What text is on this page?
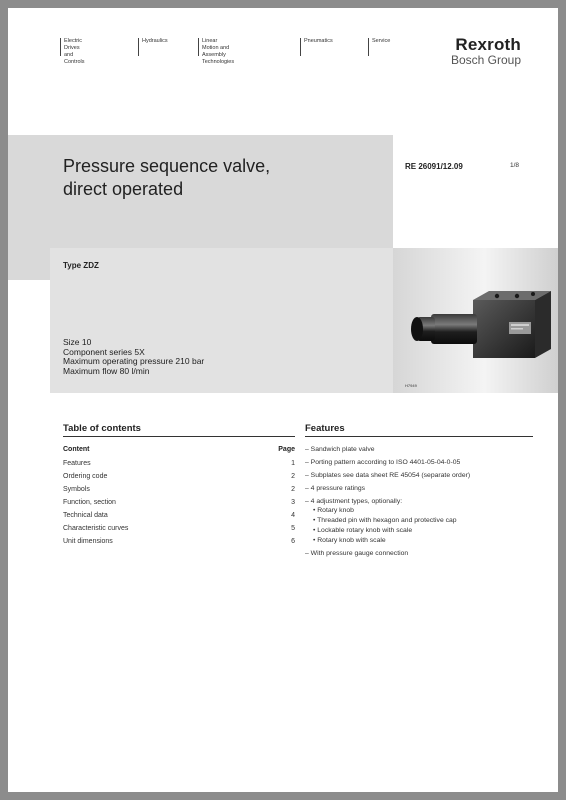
Electric Drives
and Controls
Hydraulics	Linear Motion and
Assembly Technologies
Pneumatics	Service	Rexroth
Bosch Group
Pressure sequence valve,
direct operated
RE 26091/12.09	1/8
Type ZDZ
Size 10
Component series 5X
Maximum operating pressure 210 bar
Maximum flow 80 l/min
H7949
Table of contents	Features
Content	Page
Features	1
Ordering code	2
Symbols	2
Function, section	3
Technical data	4
Characteristic curves	5
Unit dimensions	6
– Sandwich plate valve
– Porting pattern according to ISO 4401-05-04-0-05
– Subplates see data sheet RE 45054 (separate order)
– 4 pressure ratings
– 4 adjustment types, optionally:
• Rotary knob
• Threaded pin with hexagon and protective cap
• Lockable rotary knob with scale
• Rotary knob with scale
– With pressure gauge connection
